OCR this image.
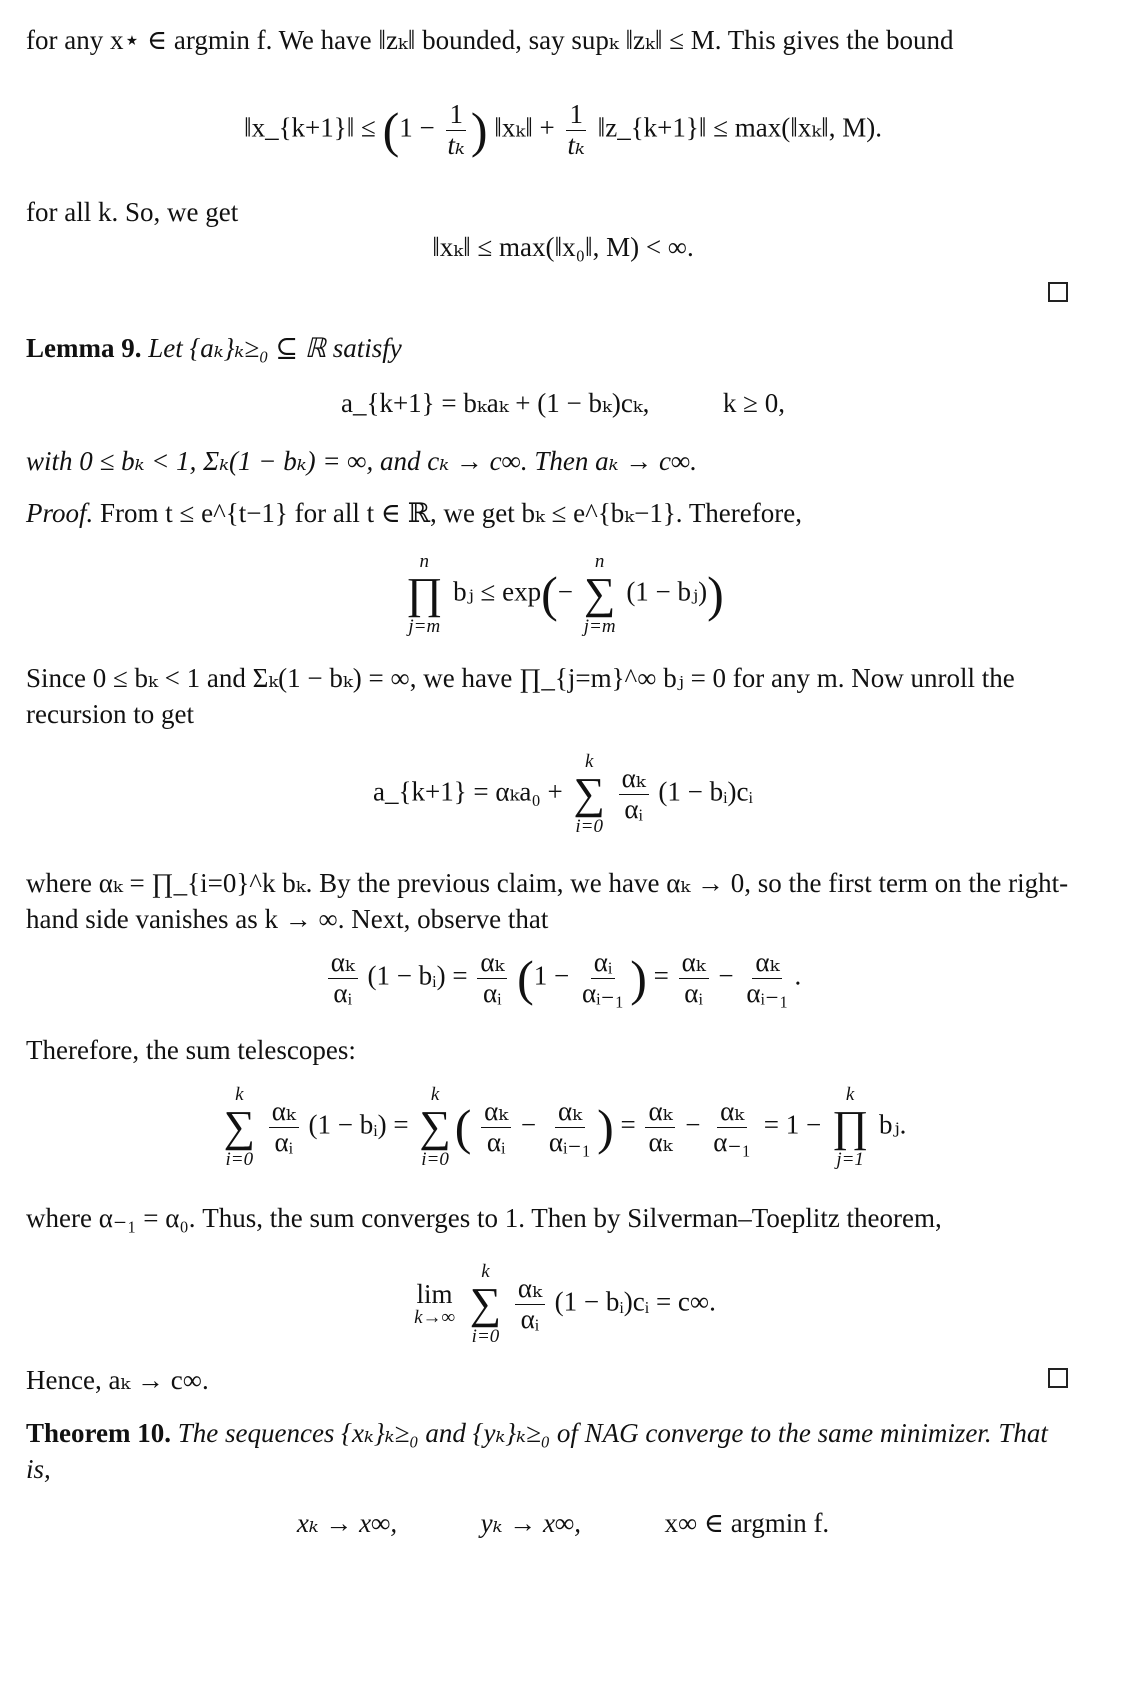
for any x⋆ ∈ argmin f. We have ‖zₖ‖ bounded, say supₖ ‖zₖ‖ ≤ M. This gives the bound
‖x_{k+1}‖ ≤ ($1 - \frac{1}{\text{tₖ}}$ ) ‖xₖ‖ + $\frac{1}{\text{tₖ}}$ ‖z_{k+1}‖ ≤ max(‖xₖ‖, M).
for all k. So, we get
‖xₖ‖ ≤ max(‖x₀‖, M) < ∞.
Lemma 9. Let {aₖ}ₖ≥₀ ⊆ ℝ satisfy
a_{k+1} = bₖaₖ + (1 − bₖ)cₖ,	k ≥ 0,
with 0 ≤ bₖ < 1, Σₖ(1 − bₖ) = ∞, and cₖ → c∞. Then aₖ → c∞.
Proof. From t ≤ e^{t−1} for all t ∈ ℝ, we get bₖ ≤ e^{bₖ−1}. Therefore,
n
∏
j=m
bⱼ ≤ exp(−
n
∑
j=m
(1 − bⱼ))
Since 0 ≤ bₖ < 1 and Σₖ(1 − bₖ) = ∞, we have ∏_{j=m}^∞ bⱼ = 0 for any m. Now unroll the recursion to get
a_{k+1} = αₖa₀ +
k
∑
i=0

$\frac{\text{αₖ}}{\text{αᵢ}} (1$ − bᵢ)cᵢ
where αₖ = ∏_{i=0}^k bₖ. By the previous claim, we have αₖ → 0, so the first term on the right-hand side vanishes as k → ∞. Next, observe that
$\frac{\text{αₖ}}{\text{αᵢ}} (1$ − bᵢ) = $\frac{\text{αₖ}}{\text{αᵢ}} (1 - \frac{\text{αᵢ}}{\text{αᵢ₋₁}}$ ) = $\frac{\text{αₖ}}{\text{αᵢ}} - \frac{\text{αₖ}}{\text{αᵢ₋₁}}$ .
Therefore, the sum telescopes:
k
∑
i=0

$\frac{\text{αₖ}}{\text{αᵢ}} (1$ − bᵢ) =
k
∑
i=0
( $\frac{\text{αₖ}}{\text{αᵢ}} - \frac{\text{αₖ}}{\text{αᵢ₋₁}}$ ) = $\frac{\text{αₖ}}{\text{αₖ}} - \frac{\text{αₖ}}{\text{α₋₁}} = 1$ −
k
∏
j=1
bⱼ.
where α₋₁ = α₀. Thus, the sum converges to 1. Then by Silverman–Toeplitz theorem,
lim
k→∞

k
∑
i=0

$\frac{\text{αₖ}}{\text{αᵢ}} (1$ − bᵢ)cᵢ = c∞.
Hence, aₖ → c∞.
Theorem 10. The sequences {xₖ}ₖ≥₀ and {yₖ}ₖ≥₀ of NAG converge to the same minimizer. That is,
xₖ → x∞,	yₖ → x∞,	x∞ ∈ argmin f.
